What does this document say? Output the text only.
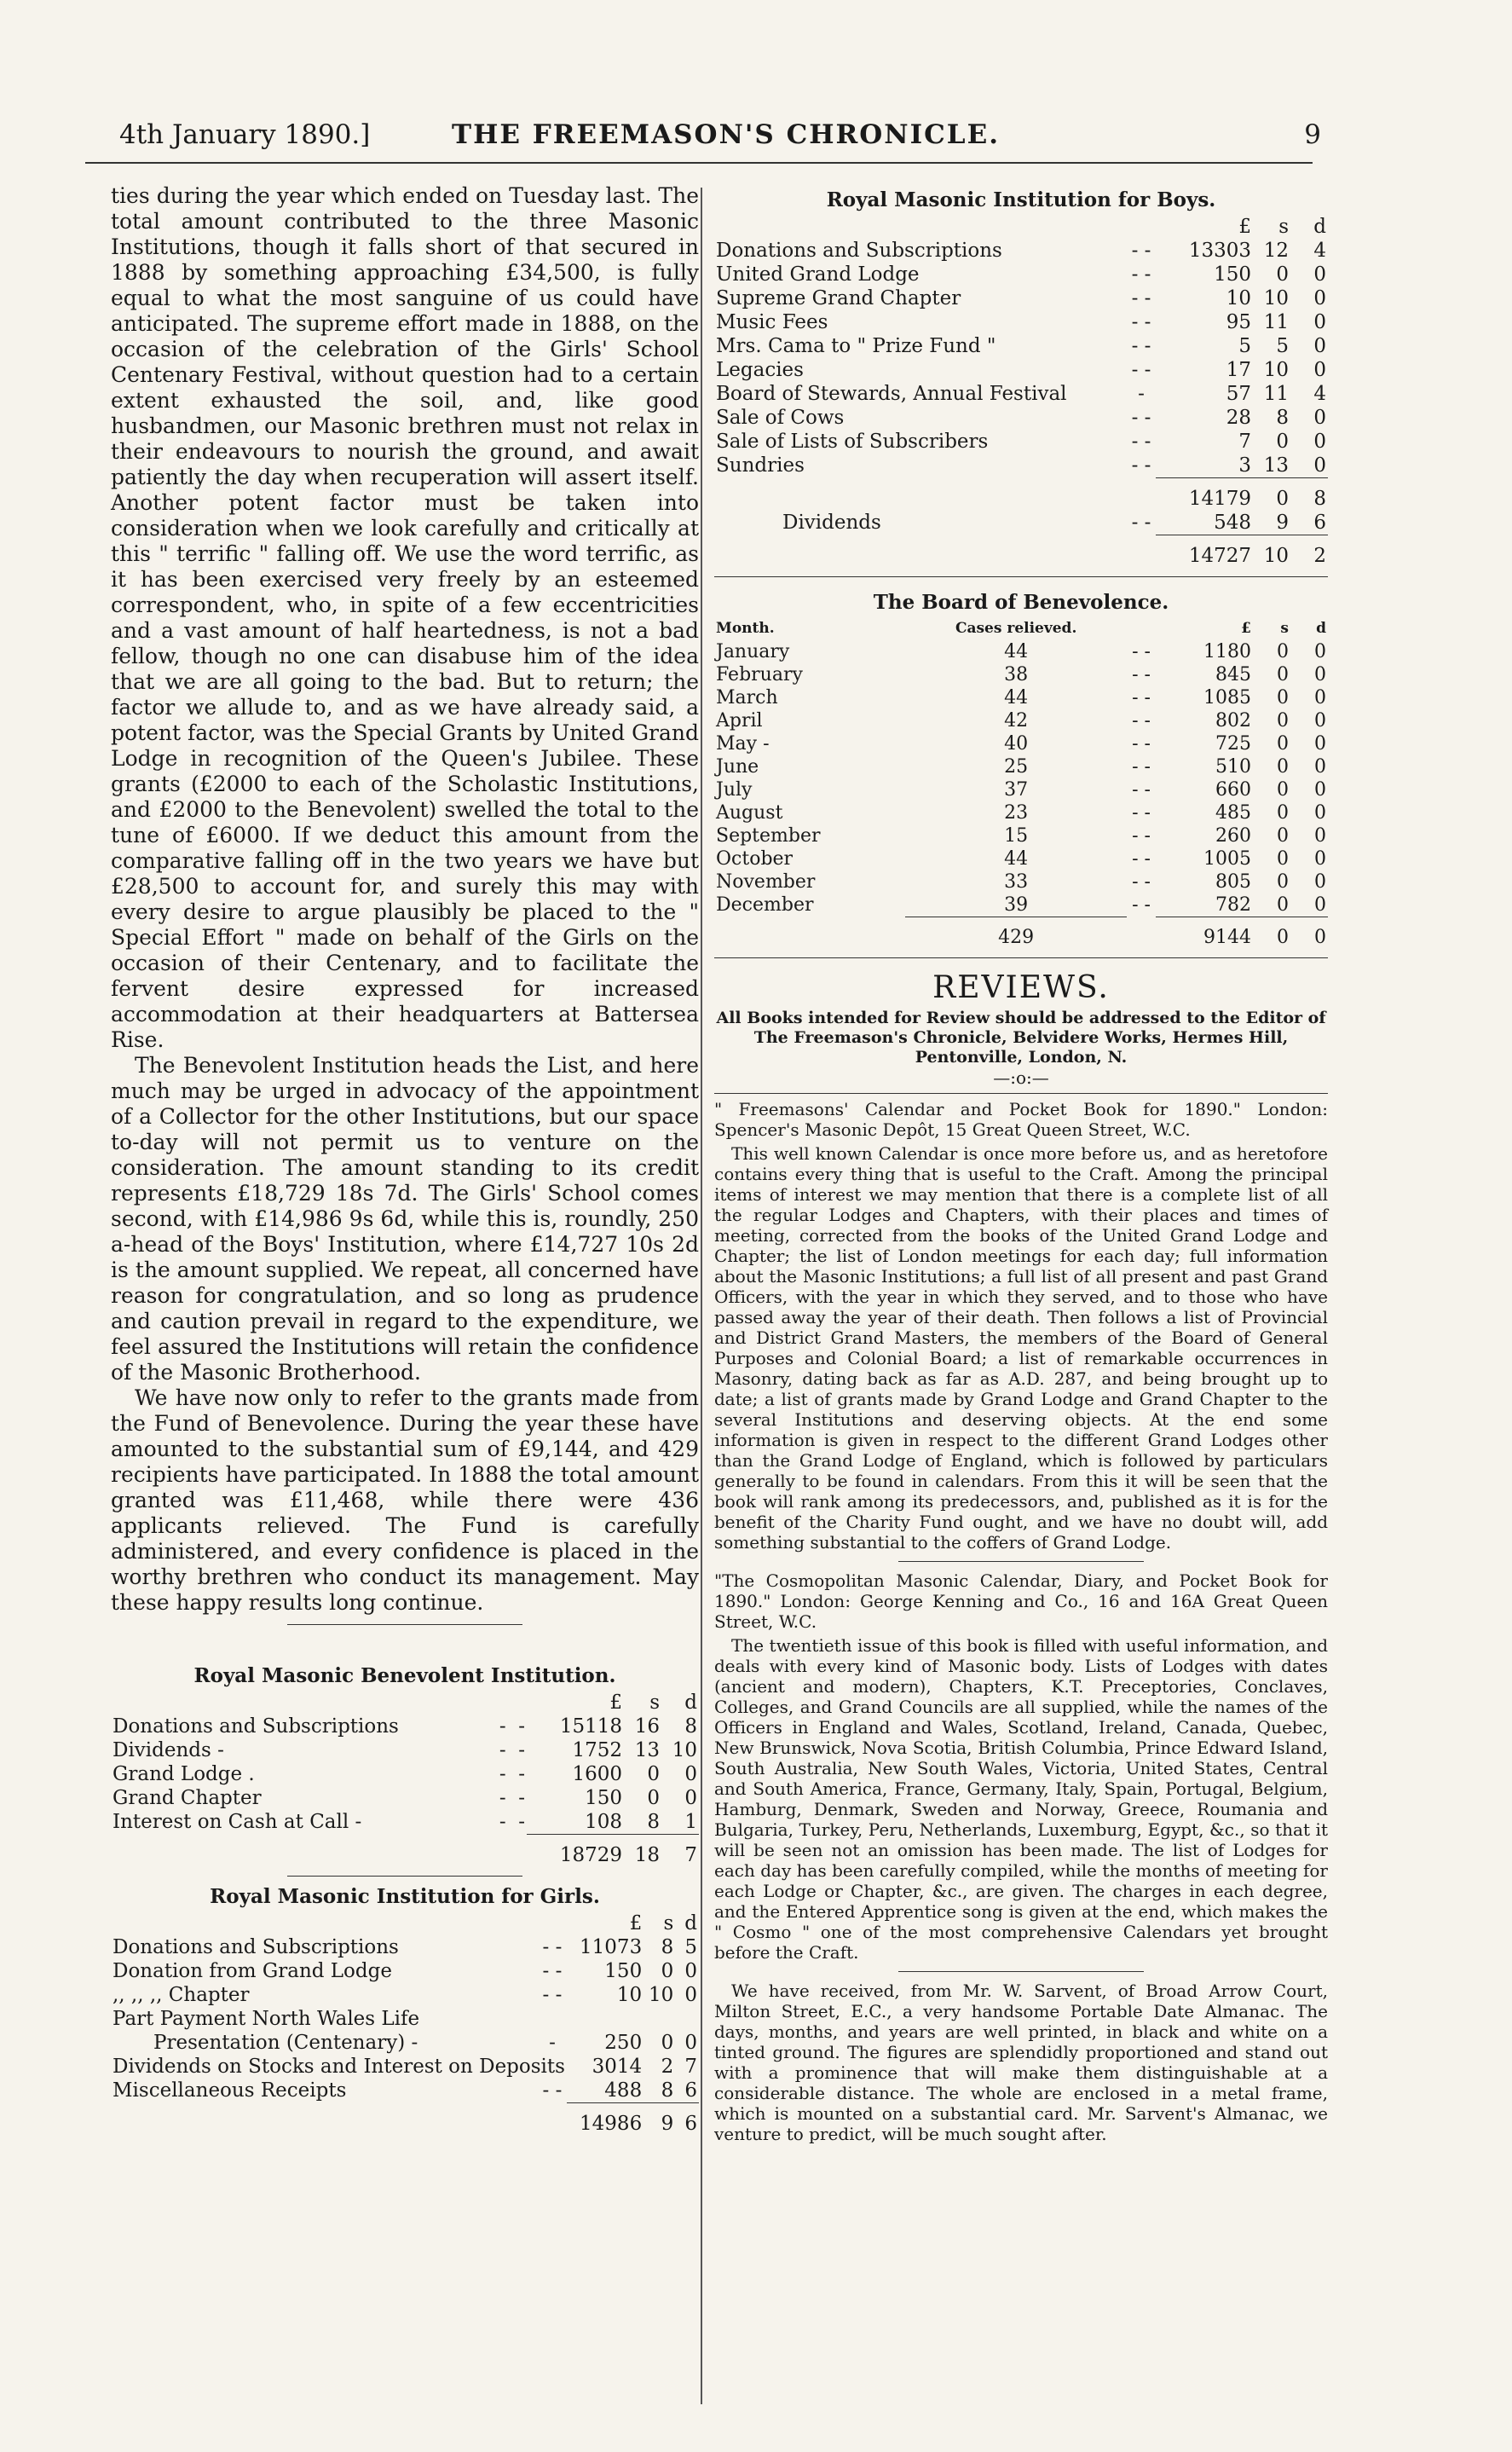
4th January 1890.]	THE FREEMASON'S CHRONICLE.	9

ties during the year which ended on Tuesday last. The total amount contributed to the three Masonic Institutions, though it falls short of that secured in 1888 by something approaching £34,500, is fully equal to what the most sanguine of us could have anticipated. The supreme effort made in 1888, on the occasion of the celebration of the Girls' School Centenary Festival, without question had to a certain extent exhausted the soil, and, like good husbandmen, our Masonic brethren must not relax in their endeavours to nourish the ground, and await patiently the day when recuperation will assert itself. Another potent factor must be taken into consideration when we look carefully and critically at this " terrific " falling off. We use the word terrific, as it has been exercised very freely by an esteemed correspondent, who, in spite of a few eccentricities and a vast amount of half heartedness, is not a bad fellow, though no one can disabuse him of the idea that we are all going to the bad. But to return; the factor we allude to, and as we have already said, a potent factor, was the Special Grants by United Grand Lodge in recognition of the Queen's Jubilee. These grants (£2000 to each of the Scholastic Institutions, and £2000 to the Benevolent) swelled the total to the tune of £6000. If we deduct this amount from the comparative falling off in the two years we have but £28,500 to account for, and surely this may with every desire to argue plausibly be placed to the " Special Effort " made on behalf of the Girls on the occasion of their Centenary, and to facilitate the fervent desire expressed for increased accommodation at their headquarters at Battersea Rise.

The Benevolent Institution heads the List, and here much may be urged in advocacy of the appointment of a Collector for the other Institutions, but our space to-day will not permit us to venture on the consideration. The amount standing to its credit represents £18,729 18s 7d. The Girls' School comes second, with £14,986 9s 6d, while this is, roundly, 250 a-head of the Boys' Institution, where £14,727 10s 2d is the amount supplied. We repeat, all concerned have reason for congratulation, and so long as prudence and caution prevail in regard to the expenditure, we feel assured the Institutions will retain the confidence of the Masonic Brotherhood.

We have now only to refer to the grants made from the Fund of Benevolence. During the year these have amounted to the substantial sum of £9,144, and 429 recipients have participated. In 1888 the total amount granted was £11,468, while there were 436 applicants relieved. The Fund is carefully administered, and every confidence is placed in the worthy brethren who conduct its management. May these happy results long continue.

Royal Masonic Benevolent Institution.
		£	s	d
Donations and Subscriptions	-  -	15118	16	8
Dividends -	-  -	1752	13	10
Grand Lodge .	-  -	1600	0	0
Grand Chapter	-  -	150	0	0
Interest on Cash at Call -	-  -	108	8	1
		18729	18	7
Royal Masonic Institution for Girls.
		£	s	d
Donations and Subscriptions	- -	11073	8	5
Donation from Grand Lodge	- -	150	0	0
,, ,, ,, Chapter	- -	10	10	0
Part Payment North Wales Life				
Presentation (Centenary) -	-	250	0	0
Dividends on Stocks and Interest on Deposits		3014	2	7
Miscellaneous Receipts	- -	488	8	6
		14986	9	6
Royal Masonic Institution for Boys.
		£	s	d
Donations and Subscriptions	- -	13303	12	4
United Grand Lodge	- -	150	0	0
Supreme Grand Chapter	- -	10	10	0
Music Fees	- -	95	11	0
Mrs. Cama to " Prize Fund "	- -	5	5	0
Legacies	- -	17	10	0
Board of Stewards, Annual Festival	-	57	11	4
Sale of Cows	- -	28	8	0
Sale of Lists of Subscribers	- -	7	0	0
Sundries	- -	3	13	0
		14179	0	8
Dividends	- -	548	9	6
		14727	10	2
The Board of Benevolence.
Month.	Cases relieved.		£	s	d
January	44	- -	1180	0	0
February	38	- -	845	0	0
March	44	- -	1085	0	0
April	42	- -	802	0	0
May -	40	- -	725	0	0
June	25	- -	510	0	0
July	37	- -	660	0	0
August	23	- -	485	0	0
September	15	- -	260	0	0
October	44	- -	1005	0	0
November	33	- -	805	0	0
December	39	- -	782	0	0
	429		9144	0	0
REVIEWS.
All Books intended for Review should be addressed to the Editor of The Freemason's Chronicle, Belvidere Works, Hermes Hill, Pentonville, London, N.
—:o:—

" Freemasons' Calendar and Pocket Book for 1890." London: Spencer's Masonic Depôt, 15 Great Queen Street, W.C.

This well known Calendar is once more before us, and as heretofore contains every thing that is useful to the Craft. Among the principal items of interest we may mention that there is a complete list of all the regular Lodges and Chapters, with their places and times of meeting, corrected from the books of the United Grand Lodge and Chapter; the list of London meetings for each day; full information about the Masonic Institutions; a full list of all present and past Grand Officers, with the year in which they served, and to those who have passed away the year of their death. Then follows a list of Provincial and District Grand Masters, the members of the Board of General Purposes and Colonial Board; a list of remarkable occurrences in Masonry, dating back as far as A.D. 287, and being brought up to date; a list of grants made by Grand Lodge and Grand Chapter to the several Institutions and deserving objects. At the end some information is given in respect to the different Grand Lodges other than the Grand Lodge of England, which is followed by particulars generally to be found in calendars. From this it will be seen that the book will rank among its predecessors, and, published as it is for the benefit of the Charity Fund ought, and we have no doubt will, add something substantial to the coffers of Grand Lodge.

"The Cosmopolitan Masonic Calendar, Diary, and Pocket Book for 1890." London: George Kenning and Co., 16 and 16A Great Queen Street, W.C.

The twentieth issue of this book is filled with useful information, and deals with every kind of Masonic body. Lists of Lodges with dates (ancient and modern), Chapters, K.T. Preceptories, Conclaves, Colleges, and Grand Councils are all supplied, while the names of the Officers in England and Wales, Scotland, Ireland, Canada, Quebec, New Brunswick, Nova Scotia, British Columbia, Prince Edward Island, South Australia, New South Wales, Victoria, United States, Central and South America, France, Germany, Italy, Spain, Portugal, Belgium, Hamburg, Denmark, Sweden and Norway, Greece, Roumania and Bulgaria, Turkey, Peru, Netherlands, Luxemburg, Egypt, &c., so that it will be seen not an omission has been made. The list of Lodges for each day has been carefully compiled, while the months of meeting for each Lodge or Chapter, &c., are given. The charges in each degree, and the Entered Apprentice song is given at the end, which makes the " Cosmo " one of the most comprehensive Calendars yet brought before the Craft.

We have received, from Mr. W. Sarvent, of Broad Arrow Court, Milton Street, E.C., a very handsome Portable Date Almanac. The days, months, and years are well printed, in black and white on a tinted ground. The figures are splendidly proportioned and stand out with a prominence that will make them distinguishable at a considerable distance. The whole are enclosed in a metal frame, which is mounted on a substantial card. Mr. Sarvent's Almanac, we venture to predict, will be much sought after.
